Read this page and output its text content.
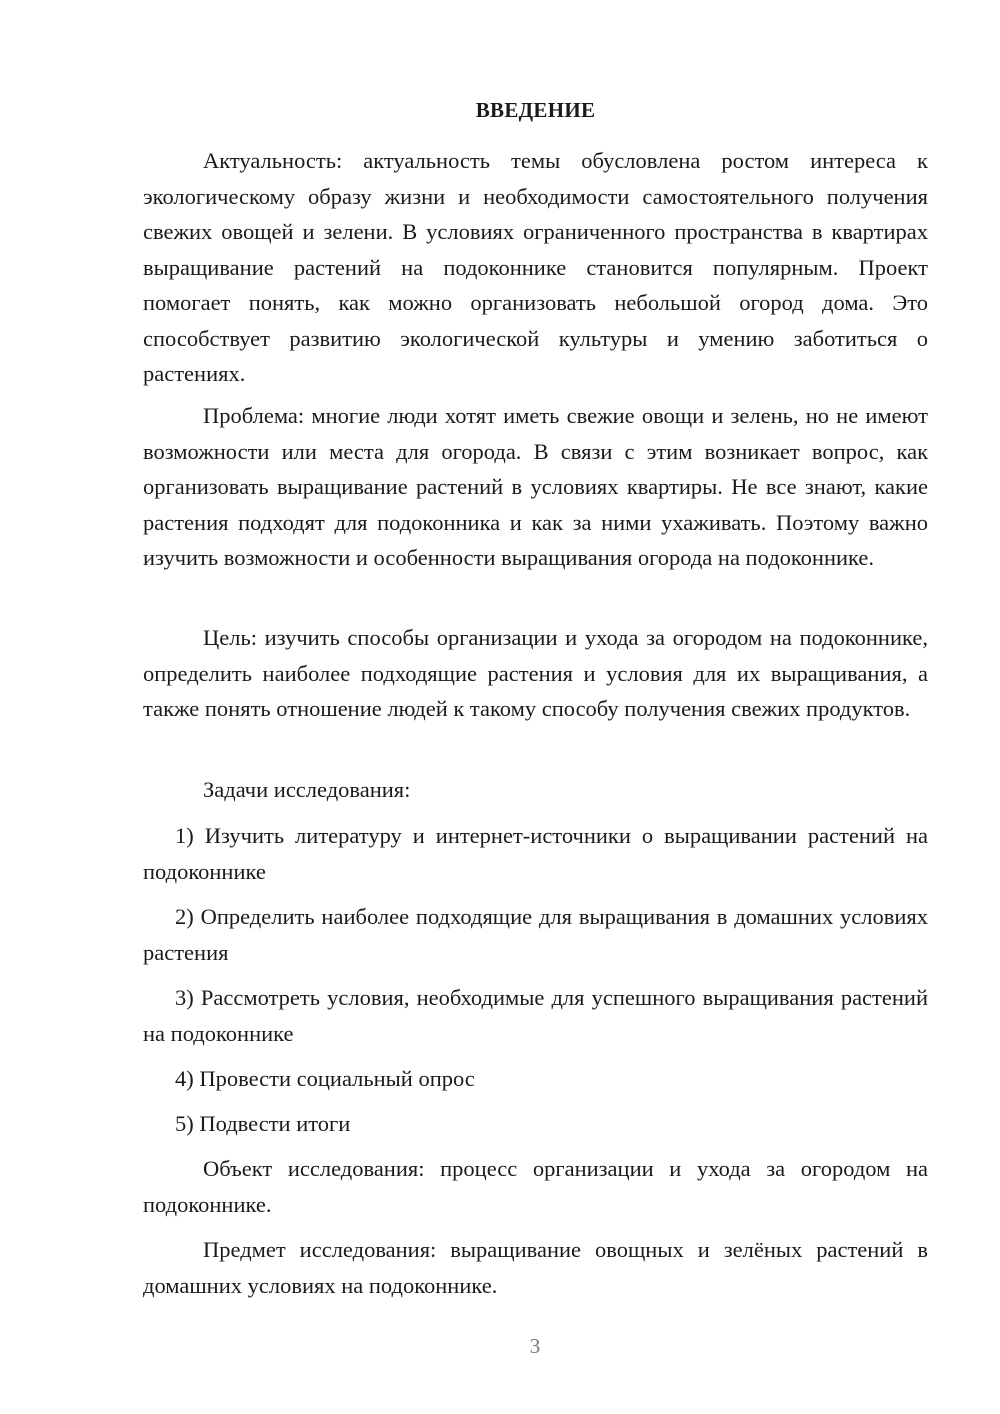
ВВЕДЕНИЕ

Актуальность: актуальность темы обусловлена ростом интереса к экологическому образу жизни и необходимости самостоятельного получения свежих овощей и зелени. В условиях ограниченного пространства в квартирах выращивание растений на подоконнике становится популярным. Проект помогает понять, как можно организовать небольшой огород дома. Это способствует развитию экологической культуры и умению заботиться о растениях.

Проблема: многие люди хотят иметь свежие овощи и зелень, но не имеют возможности или места для огорода. В связи с этим возникает вопрос, как организовать выращивание растений в условиях квартиры. Не все знают, какие растения подходят для подоконника и как за ними ухаживать. Поэтому важно изучить возможности и особенности выращивания огорода на подоконнике.

Цель: изучить способы организации и ухода за огородом на подоконнике, определить наиболее подходящие растения и условия для их выращивания, а также понять отношение людей к такому способу получения свежих продуктов.

Задачи исследования:

1) Изучить литературу и интернет-источники о выращивании растений на подоконнике

2) Определить наиболее подходящие для выращивания в домашних условиях растения

3) Рассмотреть условия, необходимые для успешного выращивания растений на подоконнике

4) Провести социальный опрос

5) Подвести итоги

Объект исследования: процесс организации и ухода за огородом на подоконнике.

Предмет исследования: выращивание овощных и зелёных растений в домашних условиях на подоконнике.

3
